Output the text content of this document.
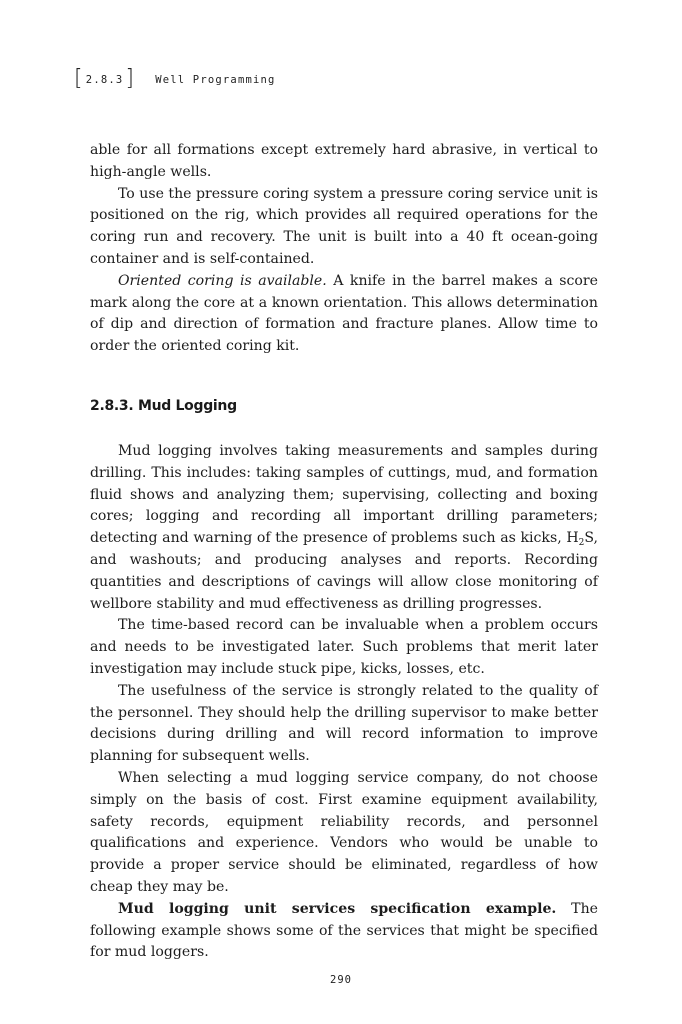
[ 2.8.3 ] Well Programming

able for all formations except extremely hard abrasive, in vertical to high-angle wells.

To use the pressure coring system a pressure coring service unit is positioned on the rig, which provides all required operations for the coring run and recovery. The unit is built into a 40 ft ocean-going container and is self-contained.

Oriented coring is available. A knife in the barrel makes a score mark along the core at a known orientation. This allows determination of dip and direction of formation and fracture planes. Allow time to order the oriented coring kit.

2.8.3. Mud Logging

Mud logging involves taking measurements and samples during drilling. This includes: taking samples of cuttings, mud, and formation fluid shows and analyzing them; supervising, collecting and boxing cores; logging and recording all important drilling parameters; detecting and warning of the presence of problems such as kicks, $H_2S$, and washouts; and producing analyses and reports. Recording quantities and descriptions of cavings will allow close monitoring of wellbore stability and mud effectiveness as drilling progresses.

The time-based record can be invaluable when a problem occurs and needs to be investigated later. Such problems that merit later investigation may include stuck pipe, kicks, losses, etc.

The usefulness of the service is strongly related to the quality of the personnel. They should help the drilling supervisor to make better decisions during drilling and will record information to improve planning for subsequent wells.

When selecting a mud logging service company, do not choose simply on the basis of cost. First examine equipment availability, safety records, equipment reliability records, and personnel qualifications and experience. Vendors who would be unable to provide a proper service should be eliminated, regardless of how cheap they may be.

Mud logging unit services specification example. The following example shows some of the services that might be specified for mud loggers.

290
